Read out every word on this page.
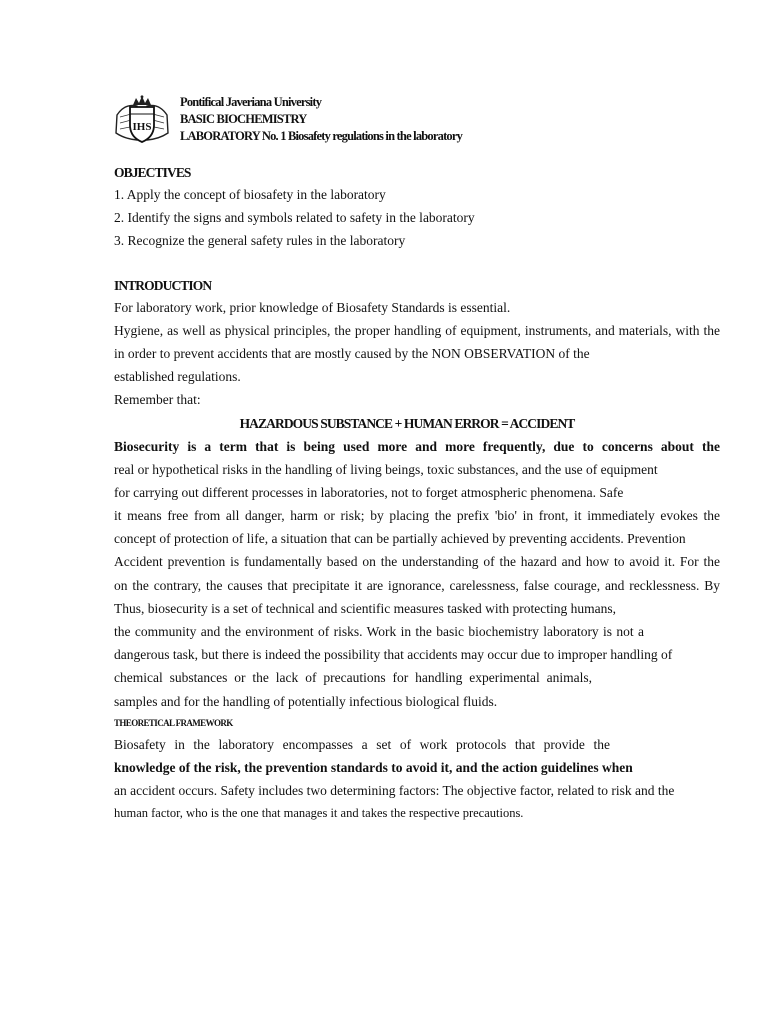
IHS
Pontifical Javeriana University
BASIC BIOCHEMISTRY
LABORATORY No. 1 Biosafety regulations in the laboratory
OBJECTIVES
1. Apply the concept of biosafety in the laboratory
2. Identify the signs and symbols related to safety in the laboratory
3. Recognize the general safety rules in the laboratory
INTRODUCTION
For laboratory work, prior knowledge of Biosafety Standards is essential.
Hygiene, as well as physical principles, the proper handling of equipment, instruments, and materials, with the
in order to prevent accidents that are mostly caused by the NON OBSERVATION of the
established regulations.
Remember that:
HAZARDOUS SUBSTANCE + HUMAN ERROR = ACCIDENT
Biosecurity is a term that is being used more and more frequently, due to concerns about the
real or hypothetical risks in the handling of living beings, toxic substances, and the use of equipment
for carrying out different processes in laboratories, not to forget atmospheric phenomena. Safe
it means free from all danger, harm or risk; by placing the prefix 'bio' in front, it immediately evokes the
concept of protection of life, a situation that can be partially achieved by preventing accidents. Prevention
Accident prevention is fundamentally based on the understanding of the hazard and how to avoid it. For the
on the contrary, the causes that precipitate it are ignorance, carelessness, false courage, and recklessness. By
Thus, biosecurity is a set of technical and scientific measures tasked with protecting humans,
the community and the environment of risks. Work in the basic biochemistry laboratory is not a
dangerous task, but there is indeed the possibility that accidents may occur due to improper handling of
chemical substances or the lack of precautions for handling experimental animals,
samples and for the handling of potentially infectious biological fluids.
THEORETICAL FRAMEWORK
Biosafety in the laboratory encompasses a set of work protocols that provide the
knowledge of the risk, the prevention standards to avoid it, and the action guidelines when
an accident occurs. Safety includes two determining factors: The objective factor, related to risk and the
human factor, who is the one that manages it and takes the respective precautions.
